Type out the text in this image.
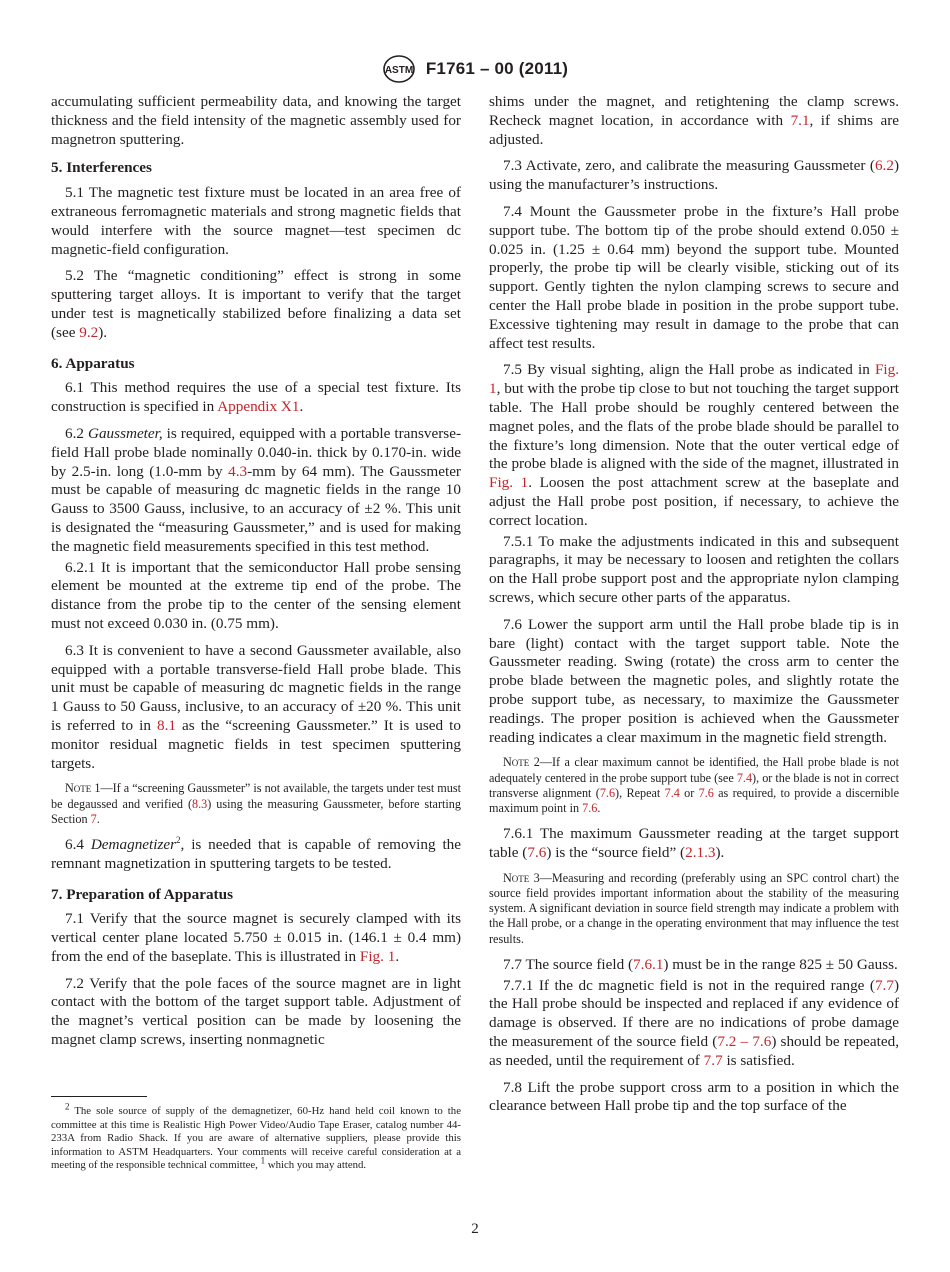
ASTM F1761 – 00 (2011)

accumulating sufficient permeability data, and knowing the target thickness and the field intensity of the magnetic assembly used for magnetron sputtering.

5. Interferences

5.1 The magnetic test fixture must be located in an area free of extraneous ferromagnetic materials and strong magnetic fields that would interfere with the source magnet—test specimen dc magnetic-field configuration.

5.2 The “magnetic conditioning” effect is strong in some sputtering target alloys. It is important to verify that the target under test is magnetically stabilized before finalizing a data set (see 9.2).

6. Apparatus

6.1 This method requires the use of a special test fixture. Its construction is specified in Appendix X1.

6.2 Gaussmeter, is required, equipped with a portable transverse-field Hall probe blade nominally 0.040-in. thick by 0.170-in. wide by 2.5-in. long (1.0-mm by 4.3-mm by 64 mm). The Gaussmeter must be capable of measuring dc magnetic fields in the range 10 Gauss to 3500 Gauss, inclusive, to an accuracy of ±2 %. This unit is designated the “measuring Gaussmeter,” and is used for making the magnetic field measurements specified in this test method.

6.2.1 It is important that the semiconductor Hall probe sensing element be mounted at the extreme tip end of the probe. The distance from the probe tip to the center of the sensing element must not exceed 0.030 in. (0.75 mm).

6.3 It is convenient to have a second Gaussmeter available, also equipped with a portable transverse-field Hall probe blade. This unit must be capable of measuring dc magnetic fields in the range 1 Gauss to 50 Gauss, inclusive, to an accuracy of ±20 %. This unit is referred to in 8.1 as the “screening Gaussmeter.” It is used to monitor residual magnetic fields in test specimen sputtering targets.

Note 1—If a “screening Gaussmeter” is not available, the targets under test must be degaussed and verified (8.3) using the measuring Gaussmeter, before starting Section 7.

6.4 Demagnetizer$^2$, is needed that is capable of removing the remnant magnetization in sputtering targets to be tested.

7. Preparation of Apparatus

7.1 Verify that the source magnet is securely clamped with its vertical center plane located 5.750 ± 0.015 in. (146.1 ± 0.4 mm) from the end of the baseplate. This is illustrated in Fig. 1.

7.2 Verify that the pole faces of the source magnet are in light contact with the bottom of the target support table. Adjustment of the magnet’s vertical position can be made by loosening the magnet clamp screws, inserting nonmagnetic

$^2$ The sole source of supply of the demagnetizer, 60-Hz hand held coil known to the committee at this time is Realistic High Power Video/Audio Tape Eraser, catalog number 44-233A from Radio Shack. If you are aware of alternative suppliers, please provide this information to ASTM Headquarters. Your comments will receive careful consideration at a meeting of the responsible technical committee, $^1$ which you may attend.

shims under the magnet, and retightening the clamp screws. Recheck magnet location, in accordance with 7.1, if shims are adjusted.

7.3 Activate, zero, and calibrate the measuring Gaussmeter (6.2) using the manufacturer’s instructions.

7.4 Mount the Gaussmeter probe in the fixture’s Hall probe support tube. The bottom tip of the probe should extend 0.050 ± 0.025 in. (1.25 ± 0.64 mm) beyond the support tube. Mounted properly, the probe tip will be clearly visible, sticking out of its support. Gently tighten the nylon clamping screws to secure and center the Hall probe blade in position in the probe support tube. Excessive tightening may result in damage to the probe that can affect test results.

7.5 By visual sighting, align the Hall probe as indicated in Fig. 1, but with the probe tip close to but not touching the target support table. The Hall probe should be roughly centered between the magnet poles, and the flats of the probe blade should be parallel to the fixture’s long dimension. Note that the outer vertical edge of the probe blade is aligned with the side of the magnet, illustrated in Fig. 1. Loosen the post attachment screw at the baseplate and adjust the Hall probe post position, if necessary, to achieve the correct location.

7.5.1 To make the adjustments indicated in this and subsequent paragraphs, it may be necessary to loosen and retighten the collars on the Hall probe support post and the appropriate nylon clamping screws, which secure other parts of the apparatus.

7.6 Lower the support arm until the Hall probe blade tip is in bare (light) contact with the target support table. Note the Gaussmeter reading. Swing (rotate) the cross arm to center the probe blade between the magnetic poles, and slightly rotate the probe support tube, as necessary, to maximize the Gaussmeter readings. The proper position is achieved when the Gaussmeter reading indicates a clear maximum in the magnetic field strength.

Note 2—If a clear maximum cannot be identified, the Hall probe blade is not adequately centered in the probe support tube (see 7.4), or the blade is not in correct transverse alignment (7.6), Repeat 7.4 or 7.6 as required, to provide a discernible maximum point in 7.6.

7.6.1 The maximum Gaussmeter reading at the target support table (7.6) is the “source field” (2.1.3).

Note 3—Measuring and recording (preferably using an SPC control chart) the source field provides important information about the stability of the measuring system. A significant deviation in source field strength may indicate a problem with the Hall probe, or a change in the operating environment that may influence the test results.

7.7 The source field (7.6.1) must be in the range 825 ± 50 Gauss.

7.7.1 If the dc magnetic field is not in the required range (7.7) the Hall probe should be inspected and replaced if any evidence of damage is observed. If there are no indications of probe damage the measurement of the source field (7.2 – 7.6) should be repeated, as needed, until the requirement of 7.7 is satisfied.

7.8 Lift the probe support cross arm to a position in which the clearance between Hall probe tip and the top surface of the

2
